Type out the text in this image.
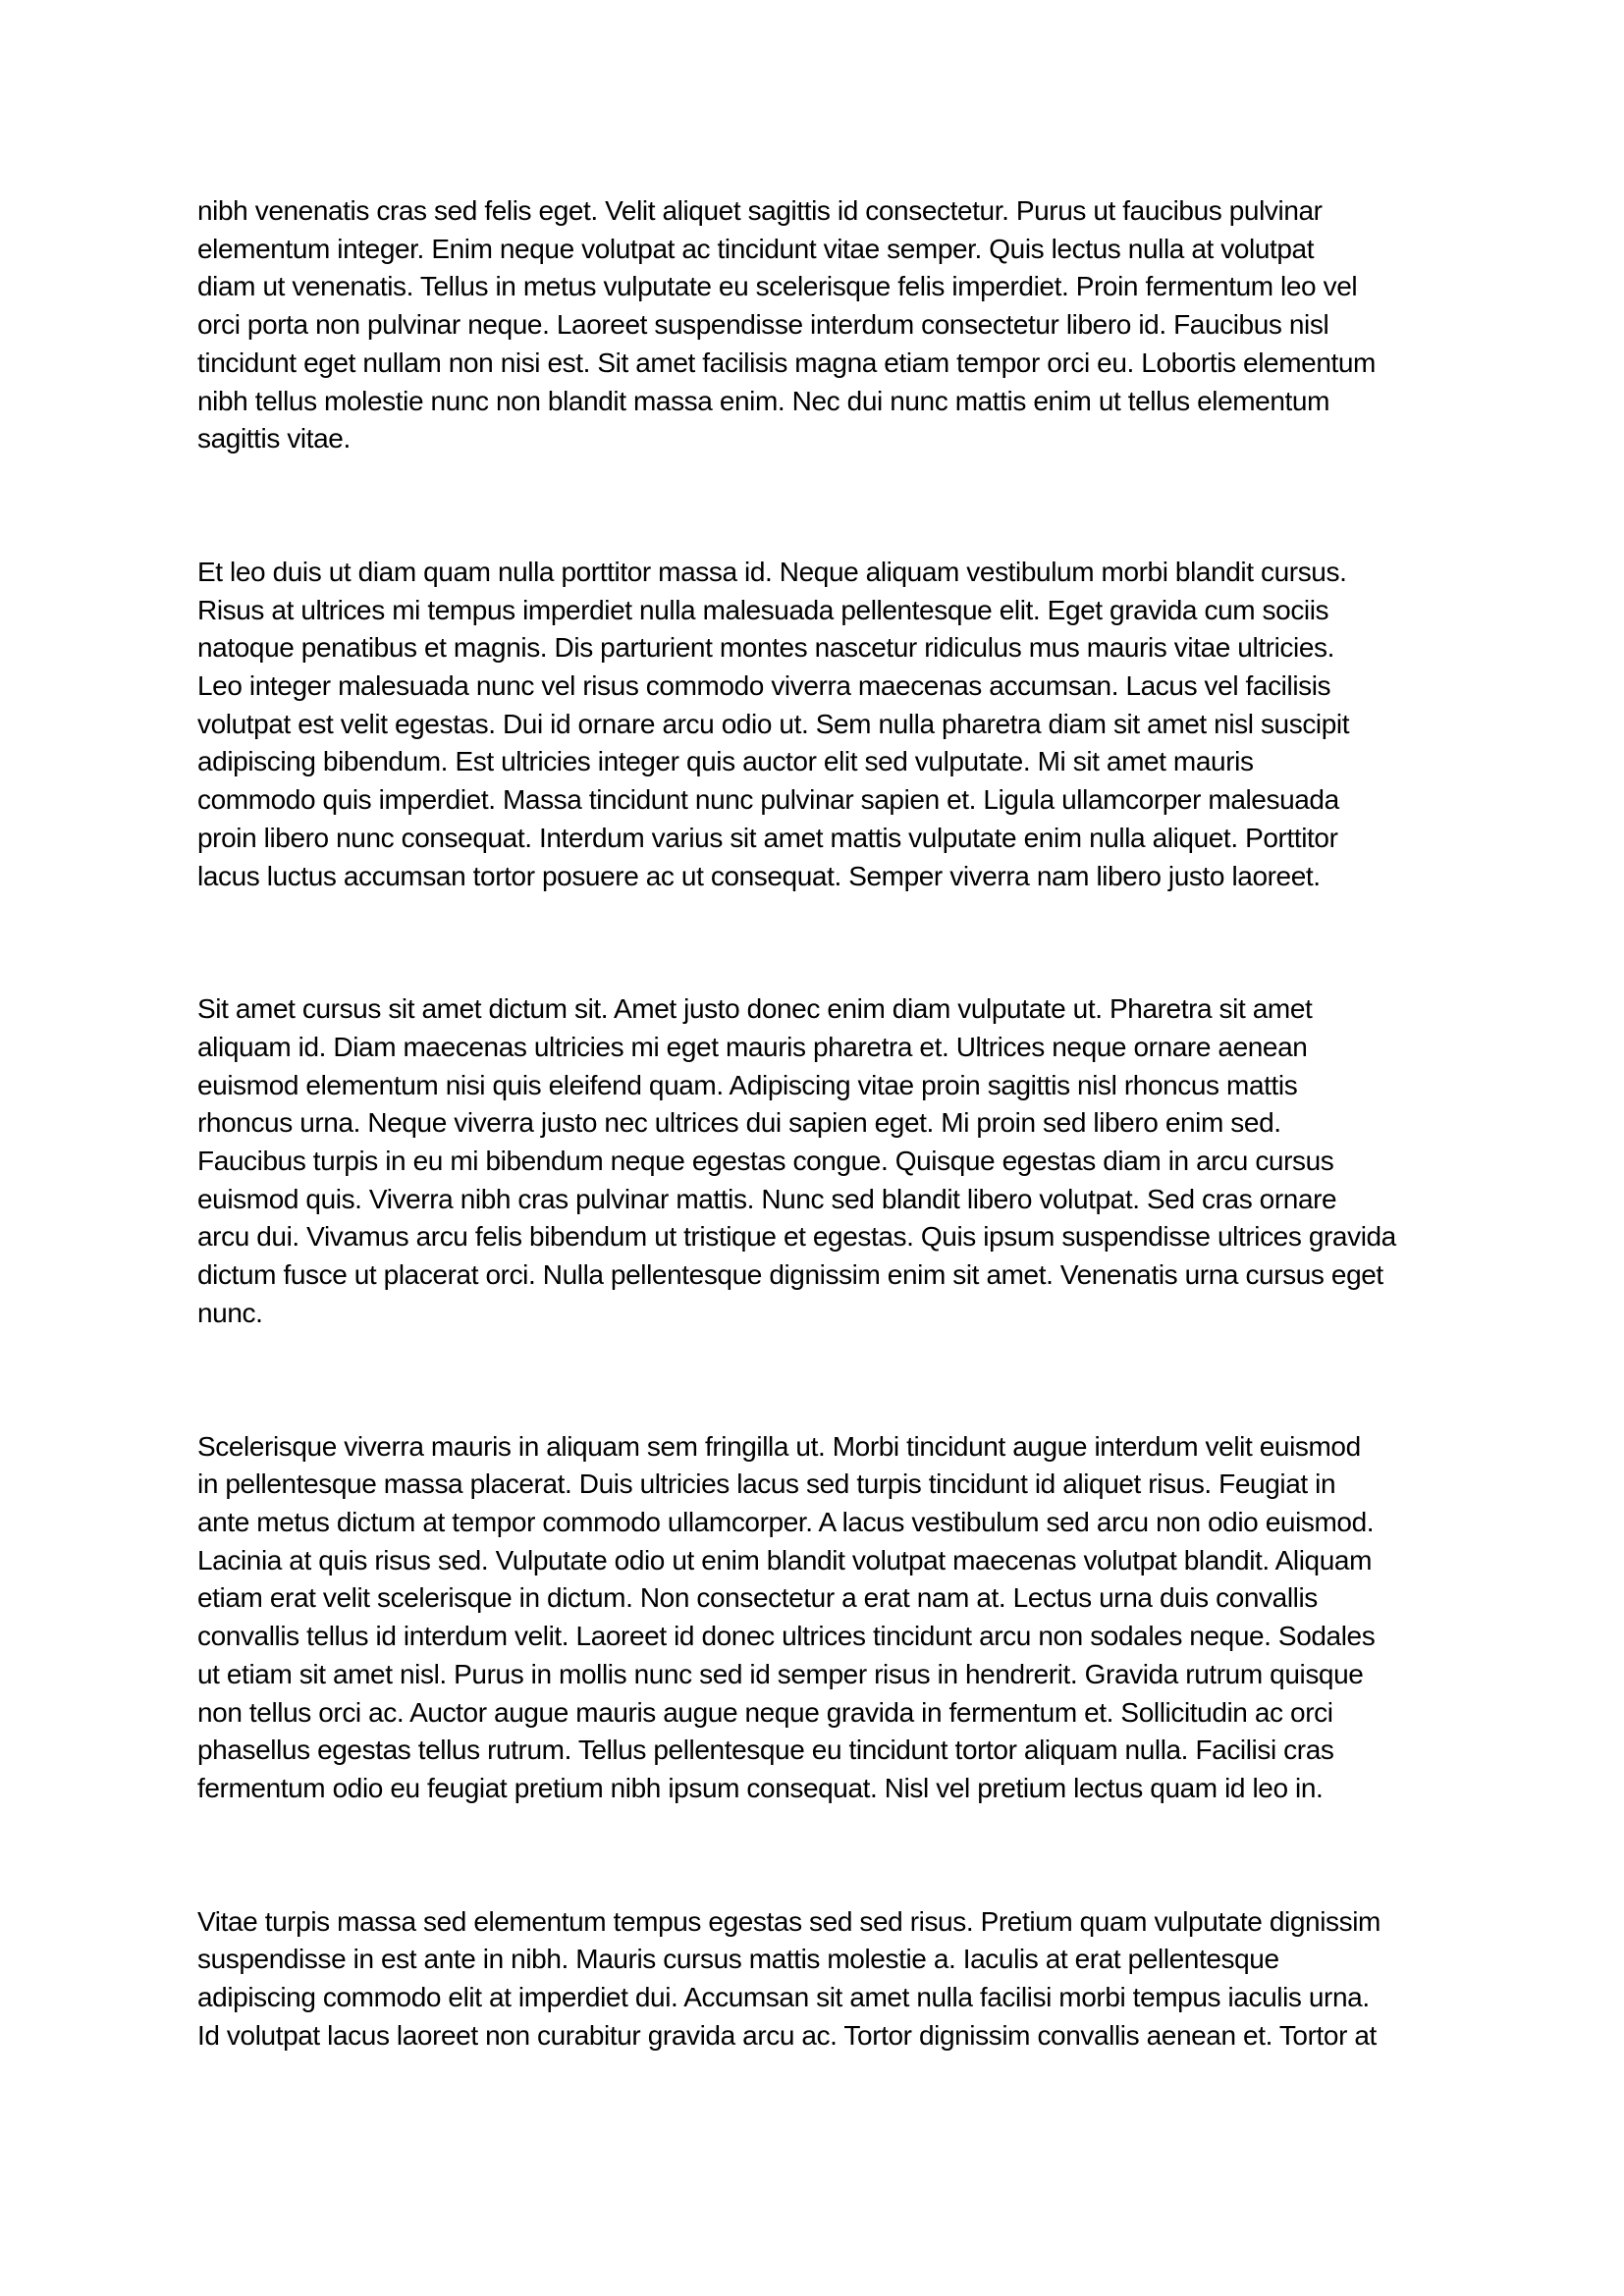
nibh venenatis cras sed felis eget. Velit aliquet sagittis id consectetur. Purus ut faucibus pulvinar
elementum integer. Enim neque volutpat ac tincidunt vitae semper. Quis lectus nulla at volutpat
diam ut venenatis. Tellus in metus vulputate eu scelerisque felis imperdiet. Proin fermentum leo vel
orci porta non pulvinar neque. Laoreet suspendisse interdum consectetur libero id. Faucibus nisl
tincidunt eget nullam non nisi est. Sit amet facilisis magna etiam tempor orci eu. Lobortis elementum
nibh tellus molestie nunc non blandit massa enim. Nec dui nunc mattis enim ut tellus elementum
sagittis vitae.
Et leo duis ut diam quam nulla porttitor massa id. Neque aliquam vestibulum morbi blandit cursus.
Risus at ultrices mi tempus imperdiet nulla malesuada pellentesque elit. Eget gravida cum sociis
natoque penatibus et magnis. Dis parturient montes nascetur ridiculus mus mauris vitae ultricies.
Leo integer malesuada nunc vel risus commodo viverra maecenas accumsan. Lacus vel facilisis
volutpat est velit egestas. Dui id ornare arcu odio ut. Sem nulla pharetra diam sit amet nisl suscipit
adipiscing bibendum. Est ultricies integer quis auctor elit sed vulputate. Mi sit amet mauris
commodo quis imperdiet. Massa tincidunt nunc pulvinar sapien et. Ligula ullamcorper malesuada
proin libero nunc consequat. Interdum varius sit amet mattis vulputate enim nulla aliquet. Porttitor
lacus luctus accumsan tortor posuere ac ut consequat. Semper viverra nam libero justo laoreet.
Sit amet cursus sit amet dictum sit. Amet justo donec enim diam vulputate ut. Pharetra sit amet
aliquam id. Diam maecenas ultricies mi eget mauris pharetra et. Ultrices neque ornare aenean
euismod elementum nisi quis eleifend quam. Adipiscing vitae proin sagittis nisl rhoncus mattis
rhoncus urna. Neque viverra justo nec ultrices dui sapien eget. Mi proin sed libero enim sed.
Faucibus turpis in eu mi bibendum neque egestas congue. Quisque egestas diam in arcu cursus
euismod quis. Viverra nibh cras pulvinar mattis. Nunc sed blandit libero volutpat. Sed cras ornare
arcu dui. Vivamus arcu felis bibendum ut tristique et egestas. Quis ipsum suspendisse ultrices gravida
dictum fusce ut placerat orci. Nulla pellentesque dignissim enim sit amet. Venenatis urna cursus eget
nunc.
Scelerisque viverra mauris in aliquam sem fringilla ut. Morbi tincidunt augue interdum velit euismod
in pellentesque massa placerat. Duis ultricies lacus sed turpis tincidunt id aliquet risus. Feugiat in
ante metus dictum at tempor commodo ullamcorper. A lacus vestibulum sed arcu non odio euismod.
Lacinia at quis risus sed. Vulputate odio ut enim blandit volutpat maecenas volutpat blandit. Aliquam
etiam erat velit scelerisque in dictum. Non consectetur a erat nam at. Lectus urna duis convallis
convallis tellus id interdum velit. Laoreet id donec ultrices tincidunt arcu non sodales neque. Sodales
ut etiam sit amet nisl. Purus in mollis nunc sed id semper risus in hendrerit. Gravida rutrum quisque
non tellus orci ac. Auctor augue mauris augue neque gravida in fermentum et. Sollicitudin ac orci
phasellus egestas tellus rutrum. Tellus pellentesque eu tincidunt tortor aliquam nulla. Facilisi cras
fermentum odio eu feugiat pretium nibh ipsum consequat. Nisl vel pretium lectus quam id leo in.
Vitae turpis massa sed elementum tempus egestas sed sed risus. Pretium quam vulputate dignissim
suspendisse in est ante in nibh. Mauris cursus mattis molestie a. Iaculis at erat pellentesque
adipiscing commodo elit at imperdiet dui. Accumsan sit amet nulla facilisi morbi tempus iaculis urna.
Id volutpat lacus laoreet non curabitur gravida arcu ac. Tortor dignissim convallis aenean et. Tortor at
